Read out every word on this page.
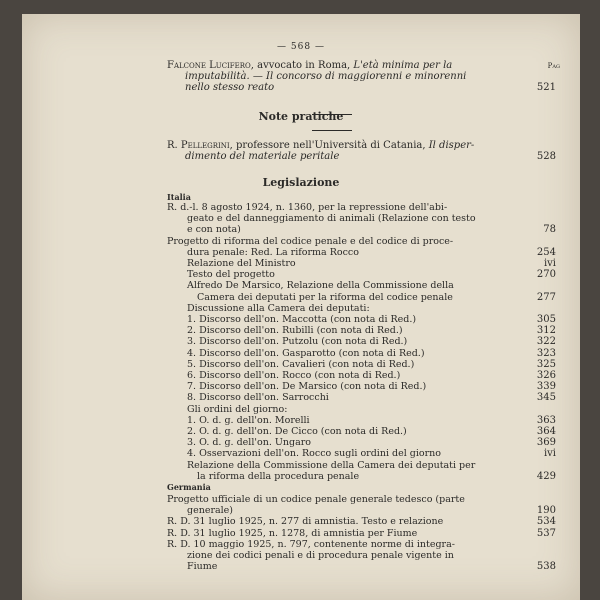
— 568 —
Pag
Falcone Lucifero, avvocato in Roma, L'età minima per la
imputabilità. — Il concorso di maggiorenni e minorenni
nello stesso reato	521
Note pratiche
R. Pellegrini, professore nell'Università di Catania, Il disper-
dimento del materiale peritale	528
Legislazione
Italia
Germania
R. d.-l. 8 agosto 1924, n. 1360, per la repressione dell'abi-
geato e del danneggiamento di animali (Relazione con testo
e con nota)	78
Progetto di riforma del codice penale e del codice di proce-
dura penale: Red. La riforma Rocco	254
Relazione del Ministro	ivi
Testo del progetto	270
Alfredo De Marsico, Relazione della Commissione della
Camera dei deputati per la riforma del codice penale	277
Discussione alla Camera dei deputati:
1. Discorso dell'on. Maccotta (con nota di Red.)	305
2. Discorso dell'on. Rubilli (con nota di Red.)	312
3. Discorso dell'on. Putzolu (con nota di Red.)	322
4. Discorso dell'on. Gasparotto (con nota di Red.)	323
5. Discorso dell'on. Cavalieri (con nota di Red.)	325
6. Discorso dell'on. Rocco (con nota di Red.)	326
7. Discorso dell'on. De Marsico (con nota di Red.)	339
8. Discorso dell'on. Sarrocchi	345
Gli ordini del giorno:
1. O. d. g. dell'on. Morelli	363
2. O. d. g. dell'on. De Cicco (con nota di Red.)	364
3. O. d. g. dell'on. Ungaro	369
4. Osservazioni dell'on. Rocco sugli ordini del giorno	ivi
Relazione della Commissione della Camera dei deputati per
la riforma della procedura penale	429
Progetto ufficiale di un codice penale generale tedesco (parte
generale)	190
R. D. 31 luglio 1925, n. 277 di amnistia. Testo e relazione	534
R. D. 31 luglio 1925, n. 1278, di amnistia per Fiume	537
R. D. 10 maggio 1925, n. 797, contenente norme di integra-
zione dei codici penali e di procedura penale vigente in
Fiume	538
